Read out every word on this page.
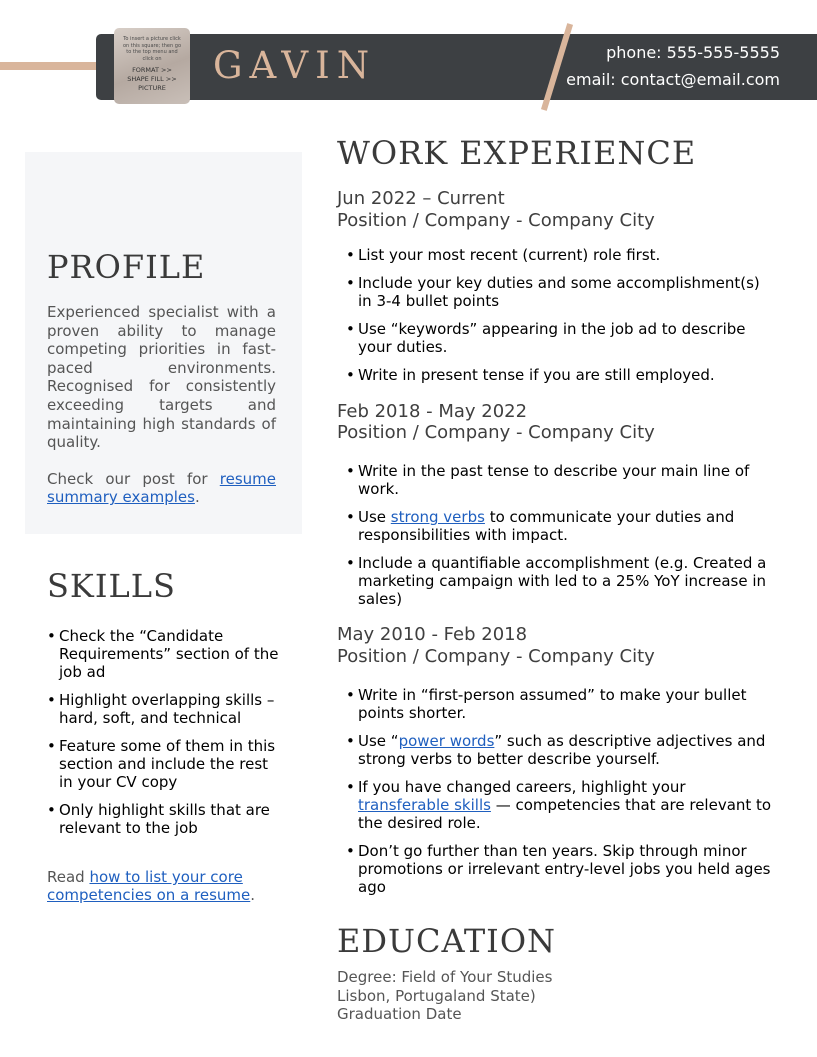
To insert a picture click on this square; then go to the top menu and click on
FORMAT >>
SHAPE FILL >>
PICTURE
GAVIN	phone: 555-555-5555
email: contact@email.com
PROFILE

Experienced specialist with a proven ability to manage competing priorities in fast-paced environments. Recognised for consistently exceeding targets and maintaining high standards of quality.

Check our post for resume summary examples.

SKILLS
• Check the “Candidate Requirements” section of the job ad
• Highlight overlapping skills – hard, soft, and technical
• Feature some of them in this section and include the rest in your CV copy
• Only highlight skills that are relevant to the job
Read how to list your core competencies on a resume.
WORK EXPERIENCE
Jun 2022 – Current
Position / Company - Company City
• List your most recent (current) role first.
• Include your key duties and some accomplishment(s) in 3-4 bullet points
• Use “keywords” appearing in the job ad to describe your duties.
• Write in present tense if you are still employed.
Feb 2018 - May 2022
Position / Company - Company City
• Write in the past tense to describe your main line of work.
• Use strong verbs to communicate your duties and responsibilities with impact.
• Include a quantifiable accomplishment (e.g. Created a marketing campaign with led to a 25% YoY increase in sales)
May 2010 - Feb 2018
Position / Company - Company City
• Write in “first-person assumed” to make your bullet points shorter.
• Use “power words” such as descriptive adjectives and strong verbs to better describe yourself.
• If you have changed careers, highlight your transferable skills — competencies that are relevant to the desired role.
• Don’t go further than ten years. Skip through minor promotions or irrelevant entry-level jobs you held ages ago
EDUCATION
Degree: Field of Your Studies
Lisbon, Portugaland State)
Graduation Date
